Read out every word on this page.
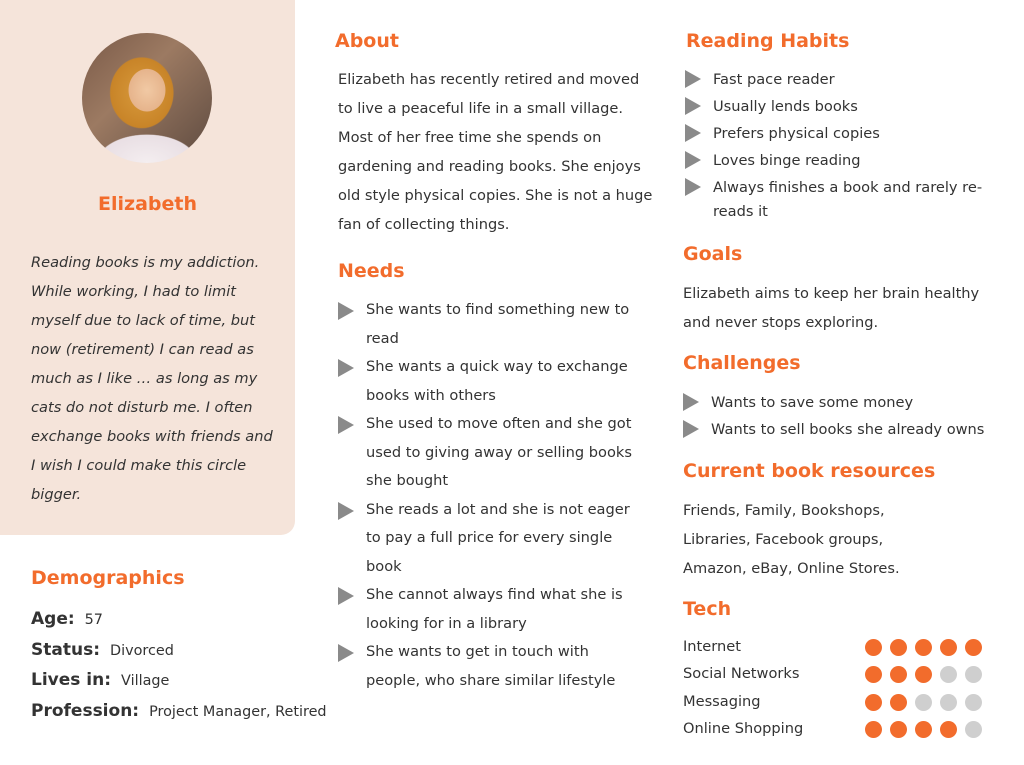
Elizabeth
Reading books is my addiction. While working, I had to limit myself due to lack of time, but now (retirement) I can read as much as I like … as long as my cats do not disturb me. I often exchange books with friends and I wish I could make this circle bigger.
Demographics
Age: 57
Status: Divorced
Lives in: Village
Profession: Project Manager, Retired
About
Elizabeth has recently retired and moved to live a peaceful life in a small village. Most of her free time she spends on gardening and reading books. She enjoys old style physical copies. She is not a huge fan of collecting things.
Needs
She wants to find something new to read
She wants a quick way to exchange books with others
She used to move often and she got used to giving away or selling books she bought
She reads a lot and she is not eager to pay a full price for every single book
She cannot always find what she is looking for in a library
She wants to get in touch with people, who share similar lifestyle
Reading Habits
Fast pace reader
Usually lends books
Prefers physical copies
Loves binge reading
Always finishes a book and rarely re-reads it
Goals
Elizabeth aims to keep her brain healthy and never stops exploring.
Challenges
Wants to save some money
Wants to sell books she already owns
Current book resources
Friends, Family, Bookshops, Libraries, Facebook groups, Amazon, eBay, Online Stores.
Tech
Internet
Social Networks
Messaging
Online Shopping
